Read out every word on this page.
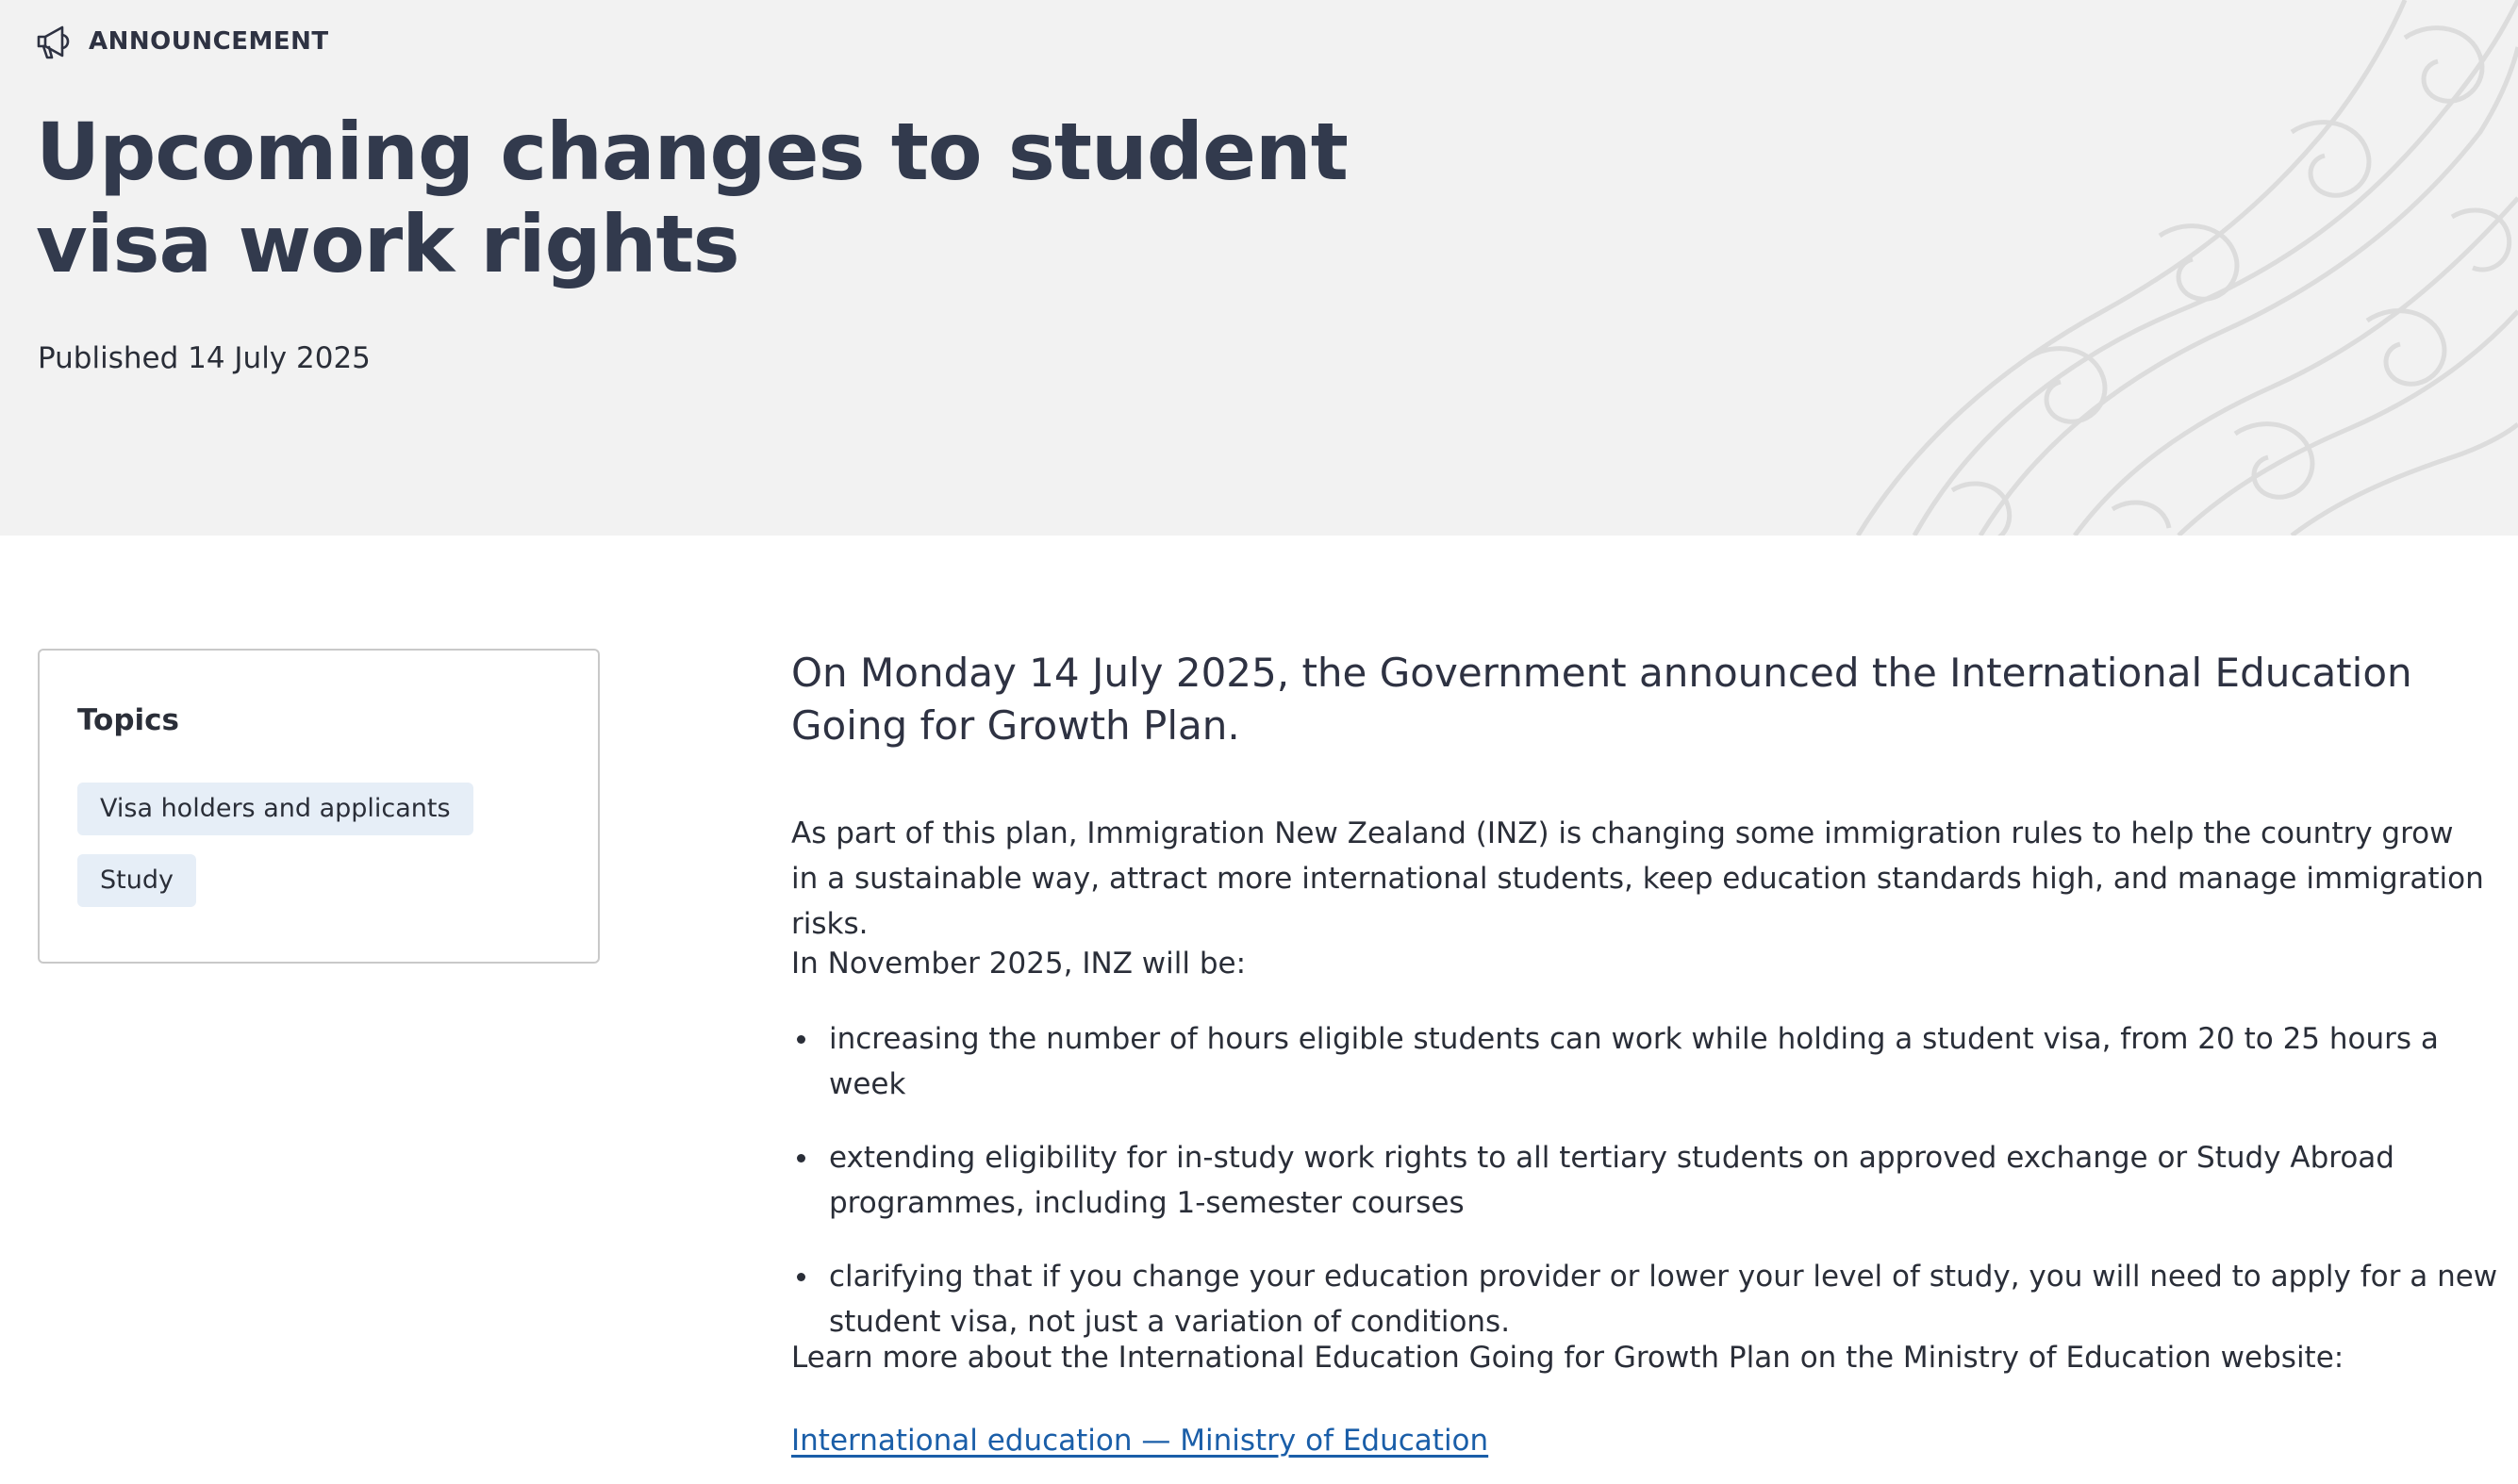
ANNOUNCEMENT
Upcoming changes to student visa work rights
Published 14 July 2025
Topics
Visa holders and applicants
Study

On Monday 14 July 2025, the Government announced the International Education Going for Growth Plan.

As part of this plan, Immigration New Zealand (INZ) is changing some immigration rules to help the country grow in a sustainable way, attract more international students, keep education standards high, and manage immigration risks.

In November 2025, INZ will be:

increasing the number of hours eligible students can work while holding a student visa, from 20 to 25 hours a week
extending eligibility for in-study work rights to all tertiary students on approved exchange or Study Abroad programmes, including 1-semester courses
clarifying that if you change your education provider or lower your level of study, you will need to apply for a new student visa, not just a variation of conditions.

Learn more about the International Education Going for Growth Plan on the Ministry of Education website:

International education — Ministry of Education
